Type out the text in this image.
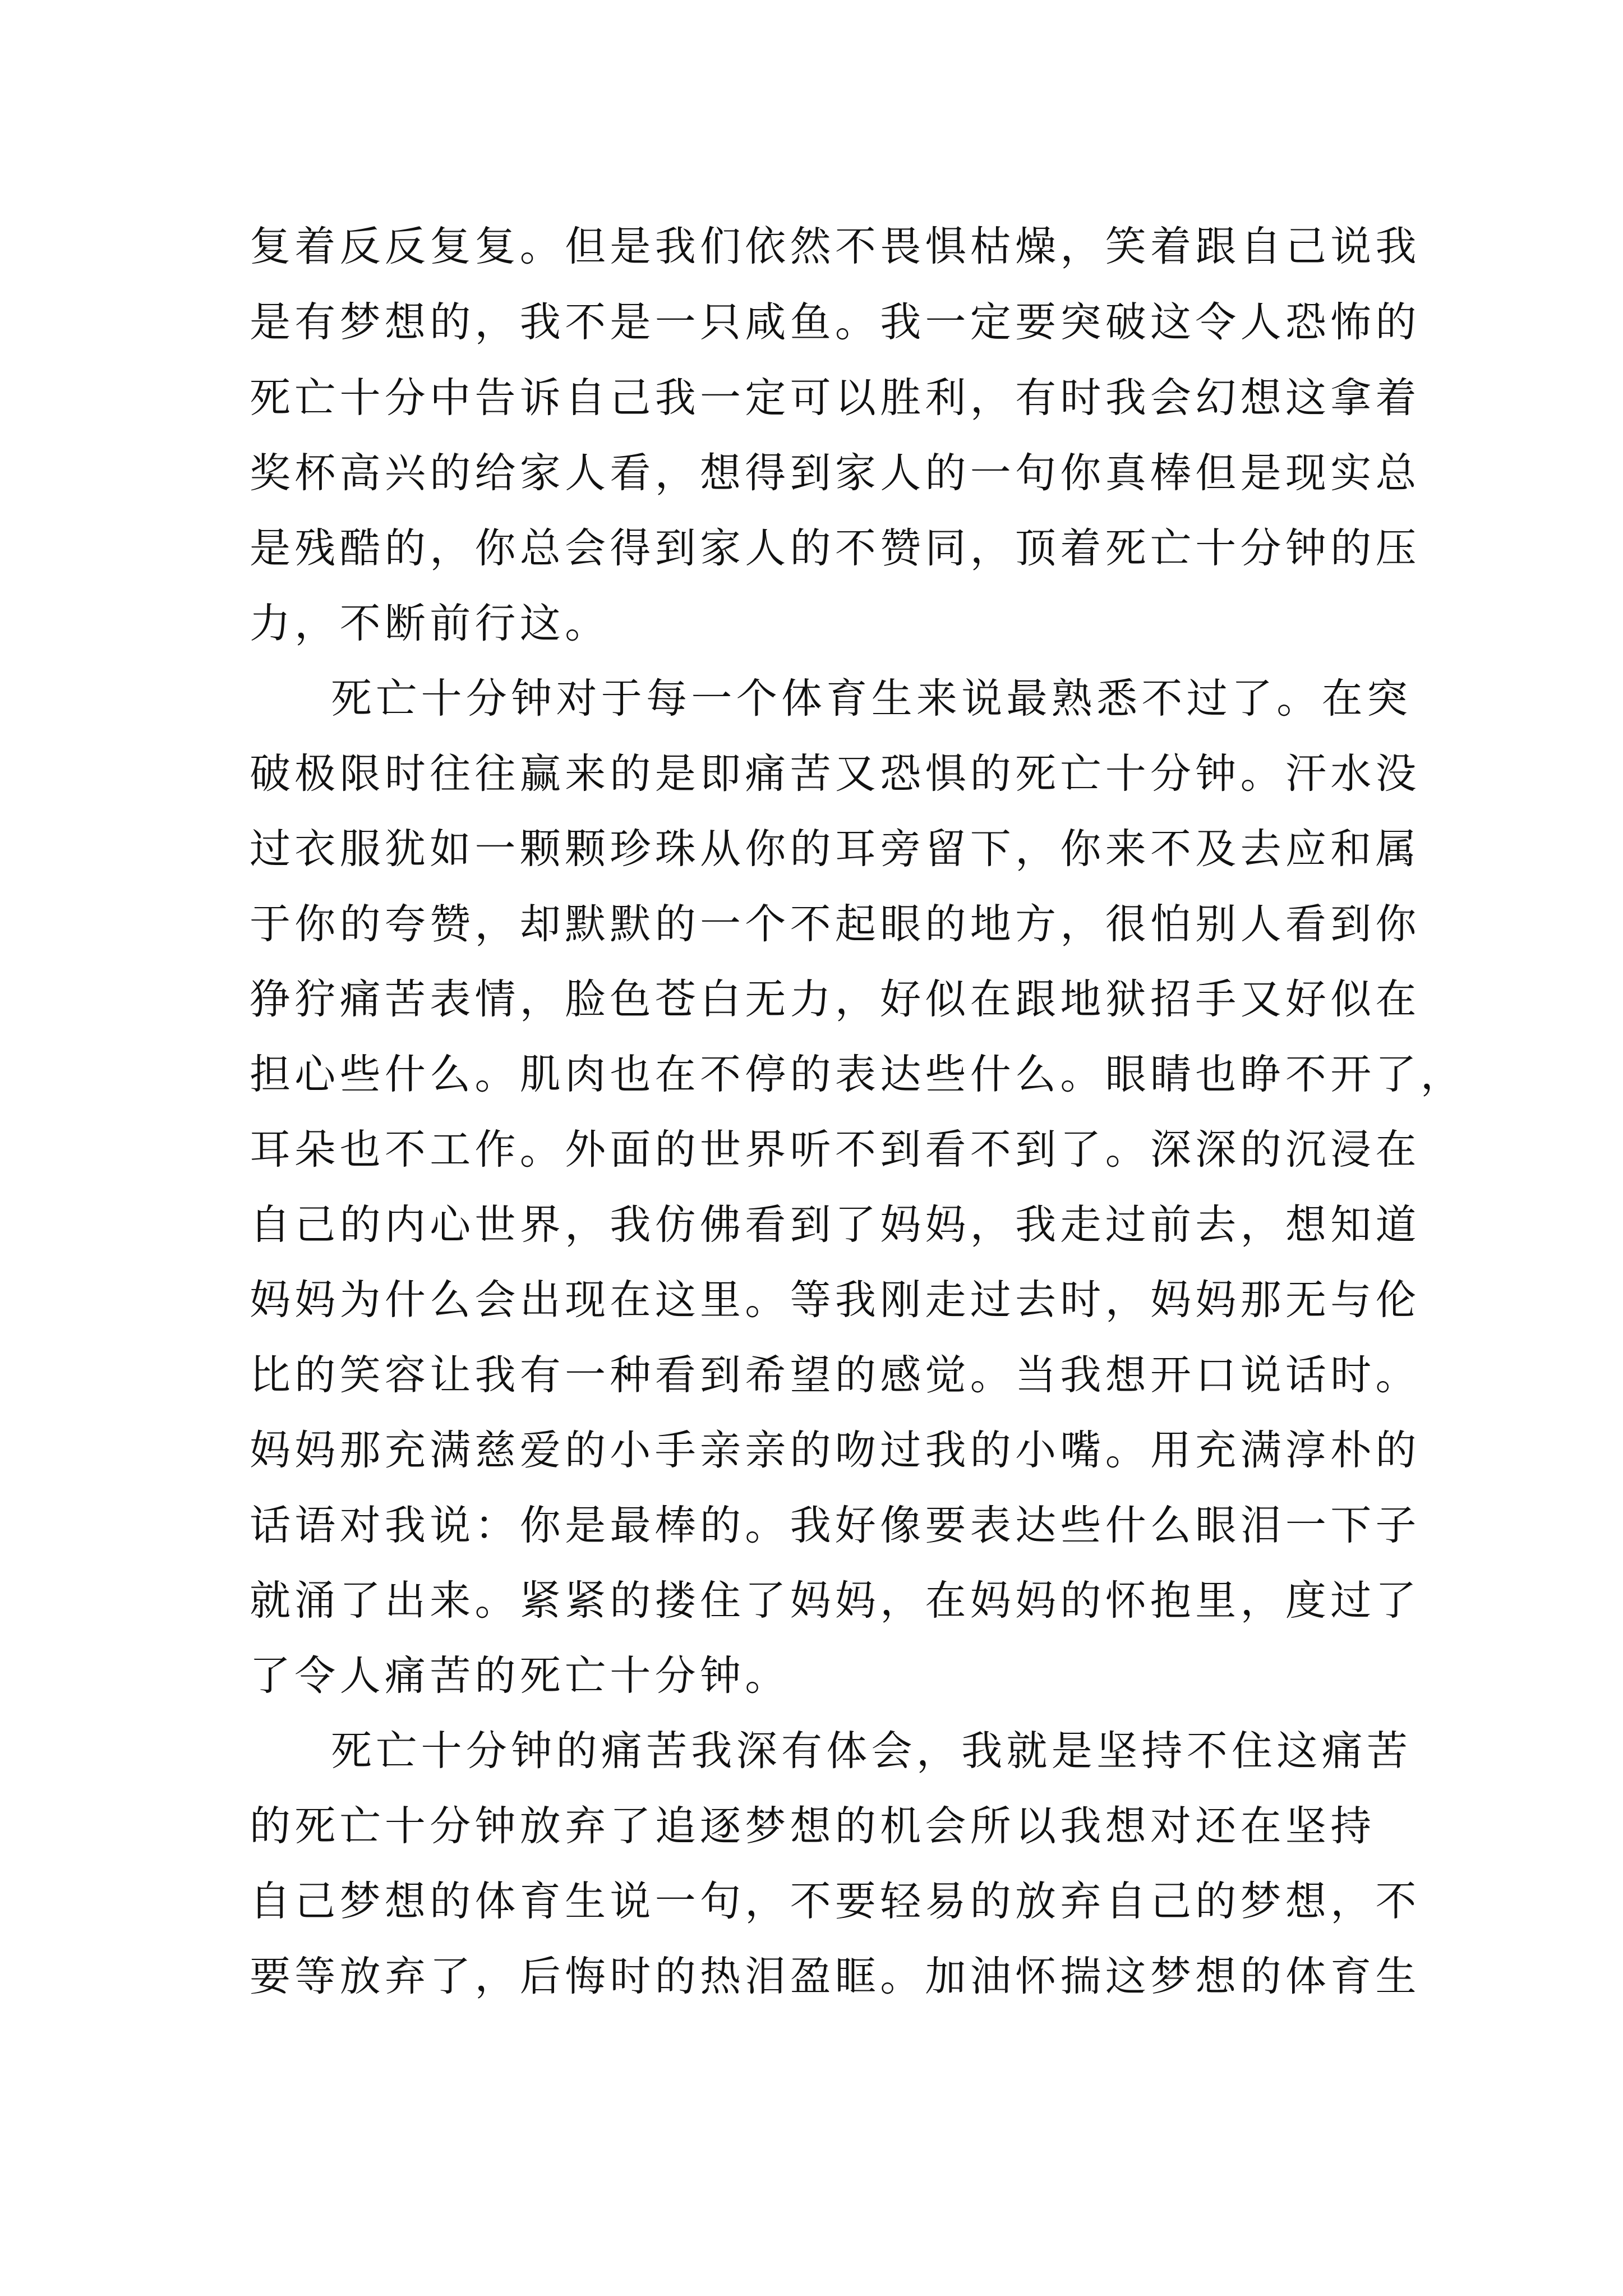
复着反反复复。但是我们依然不畏惧枯燥，笑着跟自己说我
是有梦想的，我不是一只咸鱼。我一定要突破这令人恐怖的
死亡十分中告诉自己我一定可以胜利，有时我会幻想这拿着
奖杯高兴的给家人看，想得到家人的一句你真棒但是现实总
是残酷的，你总会得到家人的不赞同，顶着死亡十分钟的压
力，不断前行这。
死亡十分钟对于每一个体育生来说最熟悉不过了。在突
破极限时往往赢来的是即痛苦又恐惧的死亡十分钟。汗水没
过衣服犹如一颗颗珍珠从你的耳旁留下，你来不及去应和属
于你的夸赞，却默默的一个不起眼的地方，很怕别人看到你
狰狞痛苦表情，脸色苍白无力，好似在跟地狱招手又好似在
担心些什么。肌肉也在不停的表达些什么。眼睛也睁不开了，
耳朵也不工作。外面的世界听不到看不到了。深深的沉浸在
自己的内心世界，我仿佛看到了妈妈，我走过前去，想知道
妈妈为什么会出现在这里。等我刚走过去时，妈妈那无与伦
比的笑容让我有一种看到希望的感觉。当我想开口说话时。
妈妈那充满慈爱的小手亲亲的吻过我的小嘴。用充满淳朴的
话语对我说：你是最棒的。我好像要表达些什么眼泪一下子
就涌了出来。紧紧的搂住了妈妈，在妈妈的怀抱里，度过了
了令人痛苦的死亡十分钟。
死亡十分钟的痛苦我深有体会，我就是坚持不住这痛苦
的死亡十分钟放弃了追逐梦想的机会所以我想对还在坚持
自己梦想的体育生说一句，不要轻易的放弃自己的梦想，不
要等放弃了，后悔时的热泪盈眶。加油怀揣这梦想的体育生
